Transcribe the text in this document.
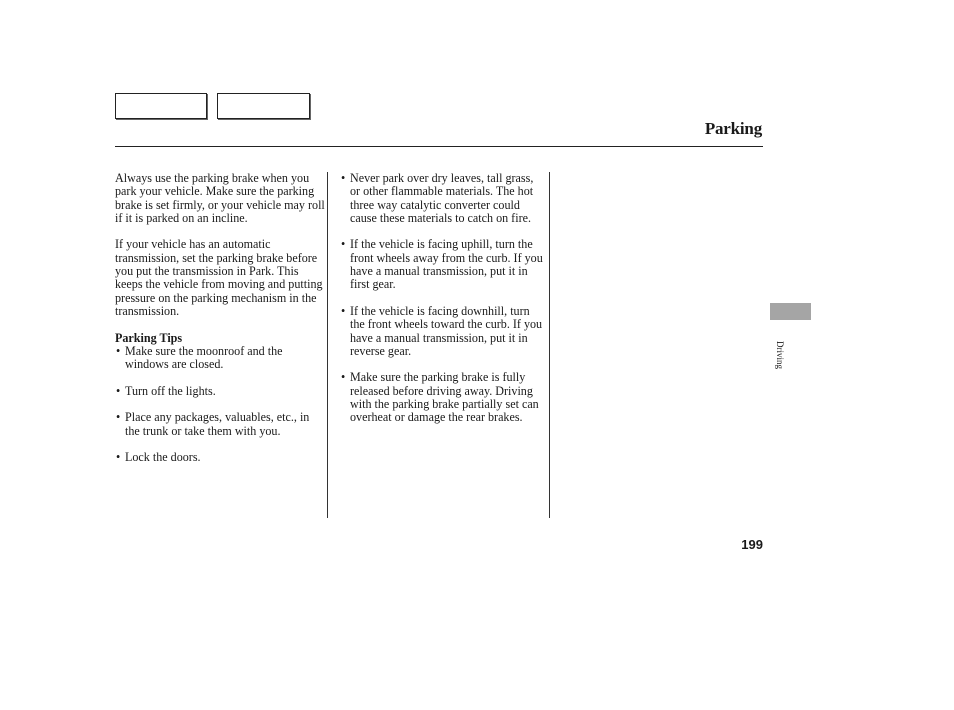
Parking

Always use the parking brake when you park your vehicle. Make sure the parking brake is set firmly, or your vehicle may roll if it is parked on an incline.

If your vehicle has an automatic transmission, set the parking brake before you put the transmission in Park. This keeps the vehicle from moving and putting pressure on the parking mechanism in the transmission.

Parking Tips

• Make sure the moonroof and the windows are closed.
• Turn off the lights.
• Place any packages, valuables, etc., in the trunk or take them with you.
• Lock the doors.
• Never park over dry leaves, tall grass, or other flammable materials. The hot three way catalytic converter could cause these materials to catch on fire.
• If the vehicle is facing uphill, turn the front wheels away from the curb. If you have a manual transmission, put it in first gear.
• If the vehicle is facing downhill, turn the front wheels toward the curb. If you have a manual transmission, put it in reverse gear.
• Make sure the parking brake is fully released before driving away. Driving with the parking brake partially set can overheat or damage the rear brakes.
Driving
199
